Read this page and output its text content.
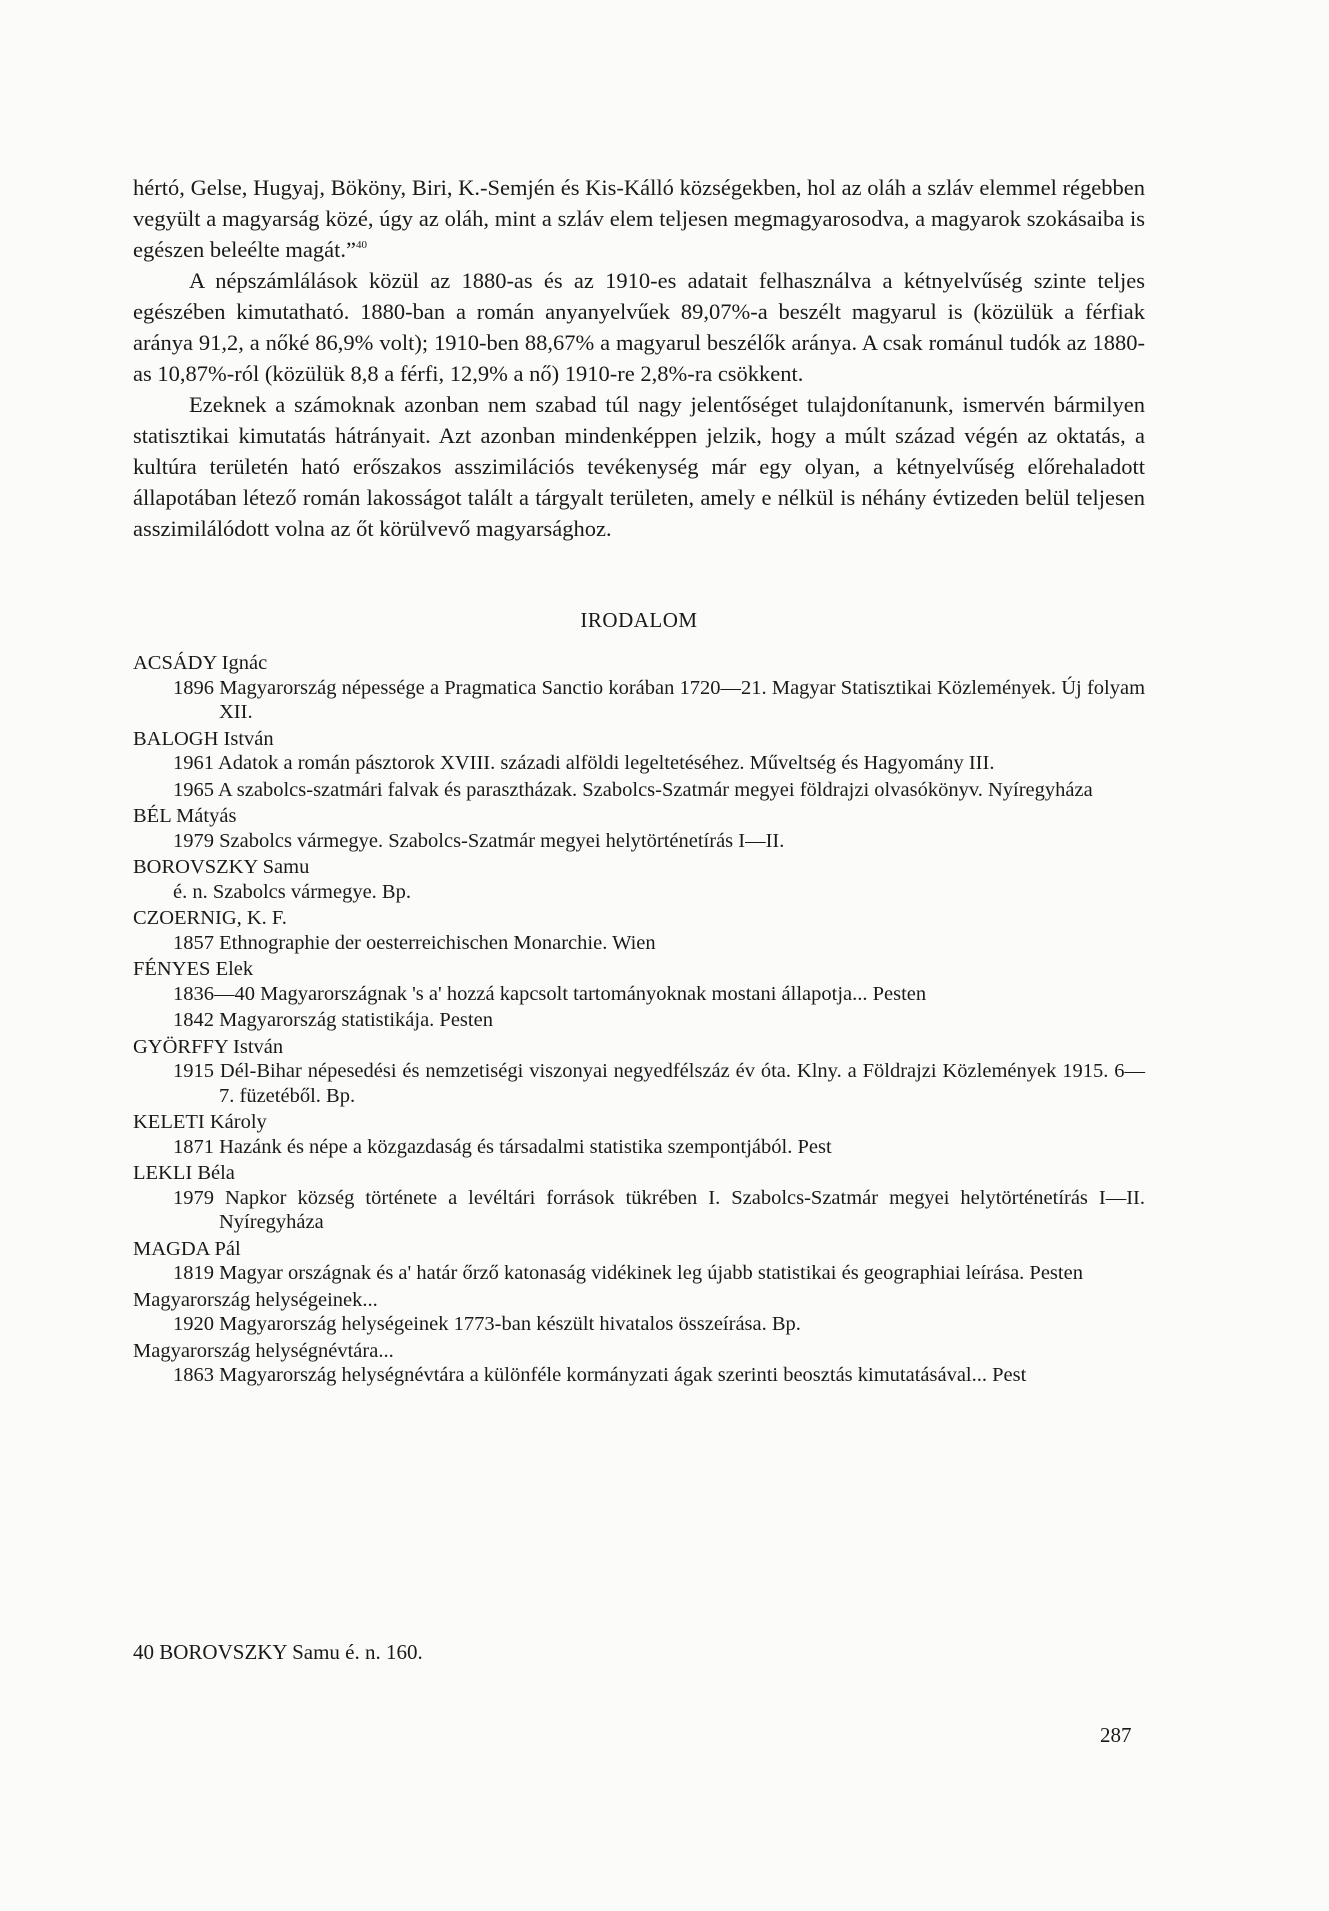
hértó, Gelse, Hugyaj, Bököny, Biri, K.-Semjén és Kis-Kálló községekben, hol az oláh a szláv elemmel régebben vegyült a magyarság közé, úgy az oláh, mint a szláv elem teljesen megmagyarosodva, a magyarok szokásaiba is egészen beleélte magát.”$^{40}$

A népszámlálások közül az 1880-as és az 1910-es adatait felhasználva a kétnyelvűség szinte teljes egészében kimutatható. 1880-ban a román anyanyelvűek 89,07%-a beszélt magyarul is (közülük a férfiak aránya 91,2, a nőké 86,9% volt); 1910-ben 88,67% a magyarul beszélők aránya. A csak románul tudók az 1880-as 10,87%-ról (közülük 8,8 a férfi, 12,9% a nő) 1910-re 2,8%-ra csökkent.

Ezeknek a számoknak azonban nem szabad túl nagy jelentőséget tulajdonítanunk, ismervén bármilyen statisztikai kimutatás hátrányait. Azt azonban mindenképpen jelzik, hogy a múlt század végén az oktatás, a kultúra területén ható erőszakos asszimilációs tevékenység már egy olyan, a kétnyelvűség előrehaladott állapotában létező román lakosságot talált a tárgyalt területen, amely e nélkül is néhány évtizeden belül teljesen asszimilálódott volna az őt körülvevő magyarsághoz.

IRODALOM

ACSÁDY Ignác

1896 Magyarország népessége a Pragmatica Sanctio korában 1720—21. Magyar Statisztikai Közlemények. Új folyam XII.

BALOGH István

1961 Adatok a román pásztorok XVIII. századi alföldi legeltetéséhez. Műveltség és Hagyomány III.

1965 A szabolcs-szatmári falvak és parasztházak. Szabolcs-Szatmár megyei földrajzi olvasókönyv. Nyíregyháza

BÉL Mátyás

1979 Szabolcs vármegye. Szabolcs-Szatmár megyei helytörténetírás I—II.

BOROVSZKY Samu

é. n. Szabolcs vármegye. Bp.

CZOERNIG, K. F.

1857 Ethnographie der oesterreichischen Monarchie. Wien

FÉNYES Elek

1836—40 Magyarországnak 's a' hozzá kapcsolt tartományoknak mostani állapotja... Pesten

1842 Magyarország statistikája. Pesten

GYÖRFFY István

1915 Dél-Bihar népesedési és nemzetiségi viszonyai negyedfélszáz év óta. Klny. a Földrajzi Közlemények 1915. 6—7. füzetéből. Bp.

KELETI Károly

1871 Hazánk és népe a közgazdaság és társadalmi statistika szempontjából. Pest

LEKLI Béla

1979 Napkor község története a levéltári források tükrében I. Szabolcs-Szatmár megyei helytörténetírás I—II. Nyíregyháza

MAGDA Pál

1819 Magyar országnak és a' határ őrző katonaság vidékinek leg újabb statistikai és geographiai leírása. Pesten

Magyarország helységeinek...

1920 Magyarország helységeinek 1773-ban készült hivatalos összeírása. Bp.

Magyarország helységnévtára...

1863 Magyarország helységnévtára a különféle kormányzati ágak szerinti beosztás kimutatásával... Pest

40 BOROVSZKY Samu é. n. 160.
287
